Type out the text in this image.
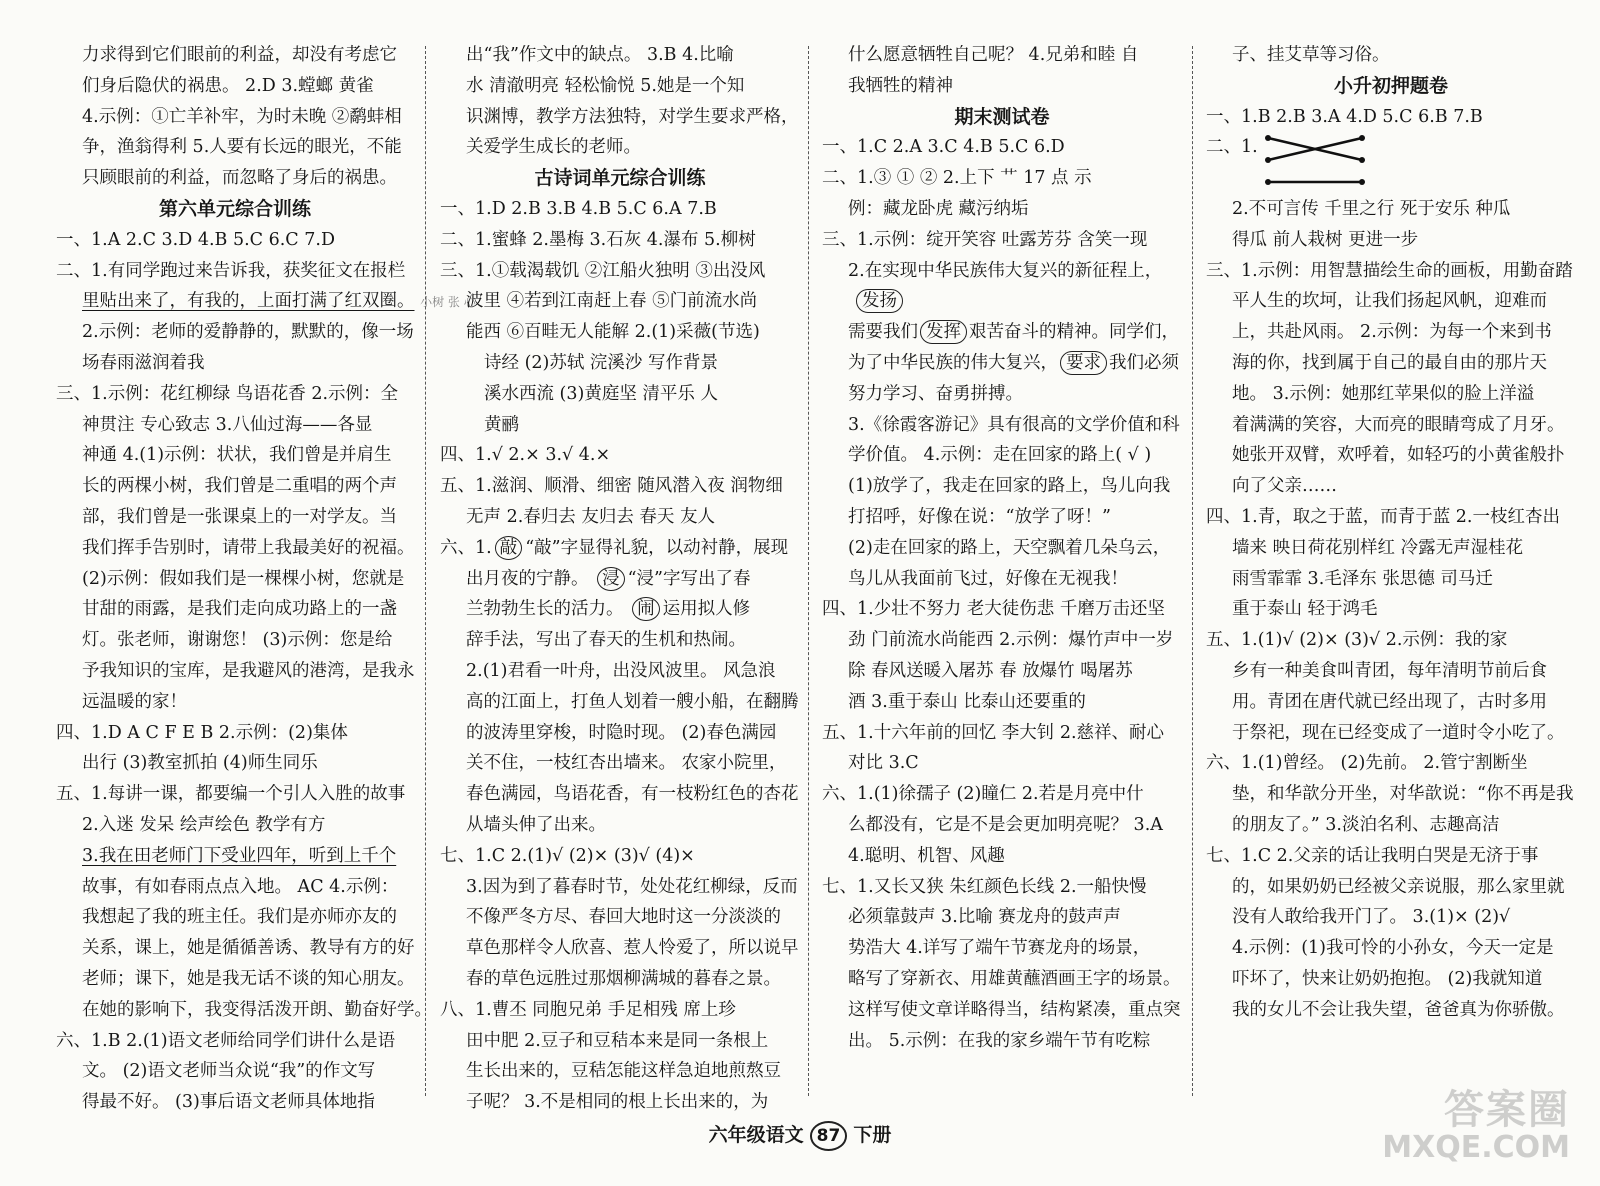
力求得到它们眼前的利益，却没有考虑它
们身后隐伏的祸患。 2.D 3.螳螂 黄雀
4.示例：①亡羊补牢，为时未晚 ②鹬蚌相
争，渔翁得利 5.人要有长远的眼光，不能
只顾眼前的利益，而忽略了身后的祸患。
第六单元综合训练
一、1.A 2.C 3.D 4.B 5.C 6.C 7.D
二、1.有同学跑过来告诉我，获奖征文在报栏
里贴出来了，有我的，上面打满了红双圈。 小树 张 心
2.示例：老师的爱静静的，默默的，像一场
场春雨滋润着我
三、1.示例：花红柳绿 鸟语花香 2.示例：全
神贯注 专心致志 3.八仙过海——各显
神通 4.(1)示例：状状，我们曾是并肩生
长的两棵小树，我们曾是二重唱的两个声
部，我们曾是一张课桌上的一对学友。当
我们挥手告别时，请带上我最美好的祝福。
(2)示例：假如我们是一棵棵小树，您就是
甘甜的雨露，是我们走向成功路上的一盏
灯。张老师，谢谢您！ (3)示例：您是给
予我知识的宝库，是我避风的港湾，是我永
远温暖的家！
四、1.D A C F E B 2.示例：(2)集体
出行 (3)教室抓拍 (4)师生同乐
五、1.每讲一课，都要编一个引人入胜的故事
2.入迷 发呆 绘声绘色 教学有方
3.我在田老师门下受业四年，听到上千个
故事，有如春雨点点入地。 AC 4.示例：
我想起了我的班主任。我们是亦师亦友的
关系，课上，她是循循善诱、教导有方的好
老师；课下，她是我无话不谈的知心朋友。
在她的影响下，我变得活泼开朗、勤奋好学。
六、1.B 2.(1)语文老师给同学们讲什么是语
文。 (2)语文老师当众说“我”的作文写
得最不好。 (3)事后语文老师具体地指
出“我”作文中的缺点。 3.B 4.比喻
水 清澈明亮 轻松愉悦 5.她是一个知
识渊博，教学方法独特，对学生要求严格，
关爱学生成长的老师。
古诗词单元综合训练
一、1.D 2.B 3.B 4.B 5.C 6.A 7.B
二、1.蜜蜂 2.墨梅 3.石灰 4.瀑布 5.柳树
三、1.①载渴载饥 ②江船火独明 ③出没风
波里 ④若到江南赶上春 ⑤门前流水尚
能西 ⑥百畦无人能解 2.(1)采薇(节选)
诗经 (2)苏轼 浣溪沙 写作背景
溪水西流 (3)黄庭坚 清平乐 人
黄鹂
四、1.√ 2.× 3.√ 4.×
五、1.滋润、顺滑、细密 随风潜入夜 润物细
无声 2.春归去 友归去 春天 友人
六、1. 敲 “敲”字显得礼貌，以动衬静，展现
出月夜的宁静。 浸 “浸”字写出了春
兰勃勃生长的活力。 闹 运用拟人修
辞手法，写出了春天的生机和热闹。
2.(1)君看一叶舟，出没风波里。 风急浪
高的江面上，打鱼人划着一艘小船，在翻腾
的波涛里穿梭，时隐时现。 (2)春色满园
关不住，一枝红杏出墙来。 农家小院里，
春色满园，鸟语花香，有一枝粉红色的杏花
从墙头伸了出来。
七、1.C 2.(1)√ (2)× (3)√ (4)×
3.因为到了暮春时节，处处花红柳绿，反而
不像严冬方尽、春回大地时这一分淡淡的
草色那样令人欣喜、惹人怜爱了，所以说早
春的草色远胜过那烟柳满城的暮春之景。
八、1.曹丕 同胞兄弟 手足相残 席上珍
田中肥 2.豆子和豆秸本来是同一条根上
生长出来的，豆秸怎能这样急迫地煎熬豆
子呢？ 3.不是相同的根上长出来的，为
什么愿意牺牲自己呢？ 4.兄弟和睦 自
我牺牲的精神
期末测试卷
一、1.C 2.A 3.C 4.B 5.C 6.D
二、1.③ ① ② 2.上下 艹 17 点 示
例：藏龙卧虎 藏污纳垢
三、1.示例：绽开笑容 吐露芳芬 含笑一现
2.在实现中华民族伟大复兴的新征程上，
发扬
需要我们 发挥 艰苦奋斗的精神。同学们，
为了中华民族的伟大复兴， 要求 我们必须
努力学习、奋勇拼搏。
3.《徐霞客游记》具有很高的文学价值和科
学价值。 4.示例：走在回家的路上( √ )
(1)放学了，我走在回家的路上，鸟儿向我
打招呼，好像在说：“放学了呀！”
(2)走在回家的路上，天空飘着几朵乌云，
鸟儿从我面前飞过，好像在无视我！
四、1.少壮不努力 老大徒伤悲 千磨万击还坚
劲 门前流水尚能西 2.示例：爆竹声中一岁
除 春风送暖入屠苏 春 放爆竹 喝屠苏
酒 3.重于泰山 比泰山还要重的
五、1.十六年前的回忆 李大钊 2.慈祥、耐心
对比 3.C
六、1.(1)徐孺子 (2)瞳仁 2.若是月亮中什
么都没有，它是不是会更加明亮呢？ 3.A
4.聪明、机智、风趣
七、1.又长又狭 朱红颜色长线 2.一船快慢
必须靠鼓声 3.比喻 赛龙舟的鼓声声
势浩大 4.详写了端午节赛龙舟的场景，
略写了穿新衣、用雄黄蘸酒画王字的场景。
这样写使文章详略得当，结构紧凑，重点突
出。 5.示例：在我的家乡端午节有吃粽
子、挂艾草等习俗。
小升初押题卷
一、1.B 2.B 3.A 4.D 5.C 6.B 7.B
二、1.
2.不可言传 千里之行 死于安乐 种瓜
得瓜 前人栽树 更进一步
三、1.示例：用智慧描绘生命的画板，用勤奋踏
平人生的坎坷，让我们扬起风帆，迎难而
上，共赴风雨。 2.示例：为每一个来到书
海的你，找到属于自己的最自由的那片天
地。 3.示例：她那红苹果似的脸上洋溢
着满满的笑容，大而亮的眼睛弯成了月牙。
她张开双臂，欢呼着，如轻巧的小黄雀般扑
向了父亲……
四、1.青，取之于蓝，而青于蓝 2.一枝红杏出
墙来 映日荷花别样红 冷露无声湿桂花
雨雪霏霏 3.毛泽东 张思德 司马迁
重于泰山 轻于鸿毛
五、1.(1)√ (2)× (3)√ 2.示例：我的家
乡有一种美食叫青团，每年清明节前后食
用。青团在唐代就已经出现了，古时多用
于祭祀，现在已经变成了一道时令小吃了。
六、1.(1)曾经。 (2)先前。 2.管宁割断坐
垫，和华歆分开坐，对华歆说：“你不再是我
的朋友了。” 3.淡泊名利、志趣高洁
七、1.C 2.父亲的话让我明白哭是无济于事
的，如果奶奶已经被父亲说服，那么家里就
没有人敢给我开门了。 3.(1)× (2)√
4.示例：(1)我可怜的小孙女，今天一定是
吓坏了，快来让奶奶抱抱。 (2)我就知道
我的女儿不会让我失望，爸爸真为你骄傲。
六年级语文 87 下册
答案圈
MXQE.COM
